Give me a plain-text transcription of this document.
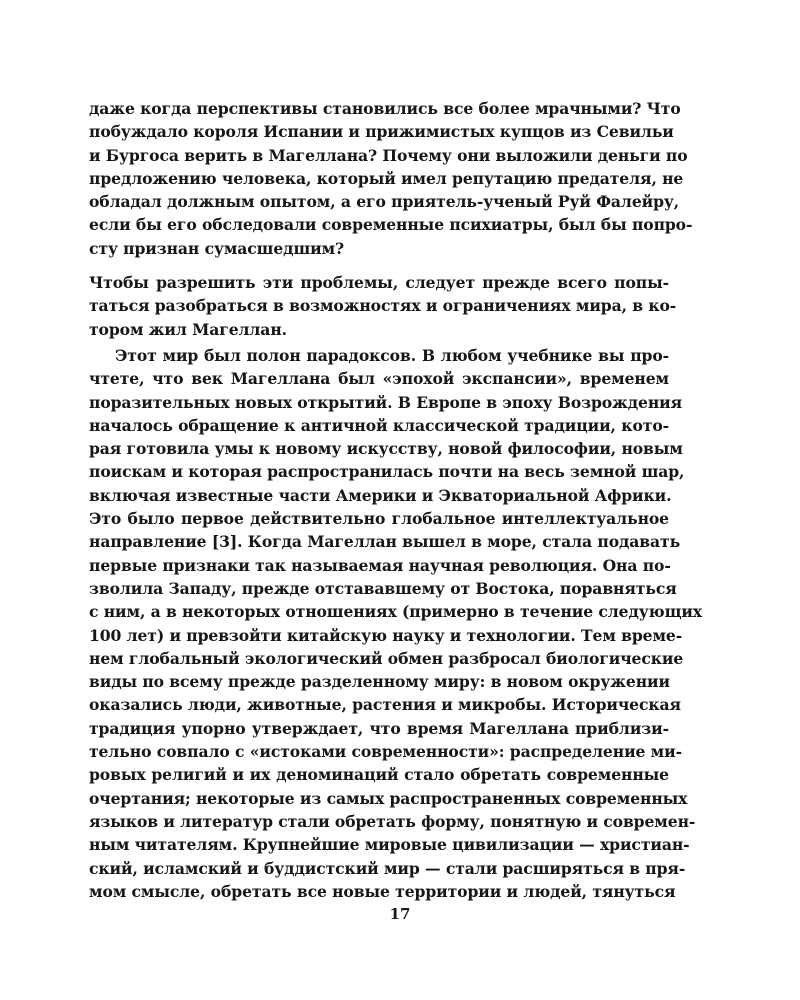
даже когда перспективы становились все более мрачными? Что
побуждало короля Испании и прижимистых купцов из Севильи
и Бургоса верить в Магеллана? Почему они выложили деньги по
предложению человека, который имел репутацию предателя, не
обладал должным опытом, а его приятель-ученый Руй Фалейру,
если бы его обследовали современные психиатры, был бы попро-
сту признан сумасшедшим?
Чтобы разрешить эти проблемы, следует прежде всего попы-
таться разобраться в возможностях и ограничениях мира, в ко-
тором жил Магеллан.
Этот мир был полон парадоксов. В любом учебнике вы про-
чтете, что век Магеллана был «эпохой экспансии», временем
поразительных новых открытий. В Европе в эпоху Возрождения
началось обращение к античной классической традиции, кото-
рая готовила умы к новому искусству, новой философии, новым
поискам и которая распространилась почти на весь земной шар,
включая известные части Америки и Экваториальной Африки.
Это было первое действительно глобальное интеллектуальное
направление [3]. Когда Магеллан вышел в море, стала подавать
первые признаки так называемая научная революция. Она по-
зволила Западу, прежде отстававшему от Востока, поравняться
с ним, а в некоторых отношениях (примерно в течение следующих
100 лет) и превзойти китайскую науку и технологии. Тем време-
нем глобальный экологический обмен разбросал биологические
виды по всему прежде разделенному миру: в новом окружении
оказались люди, животные, растения и микробы. Историческая
традиция упорно утверждает, что время Магеллана приблизи-
тельно совпало с «истоками современности»: распределение ми-
ровых религий и их деноминаций стало обретать современные
очертания; некоторые из самых распространенных современных
языков и литератур стали обретать форму, понятную и современ-
ным читателям. Крупнейшие мировые цивилизации — христиан-
ский, исламский и буддистский мир — стали расширяться в пря-
мом смысле, обретать все новые территории и людей, тянуться
17
